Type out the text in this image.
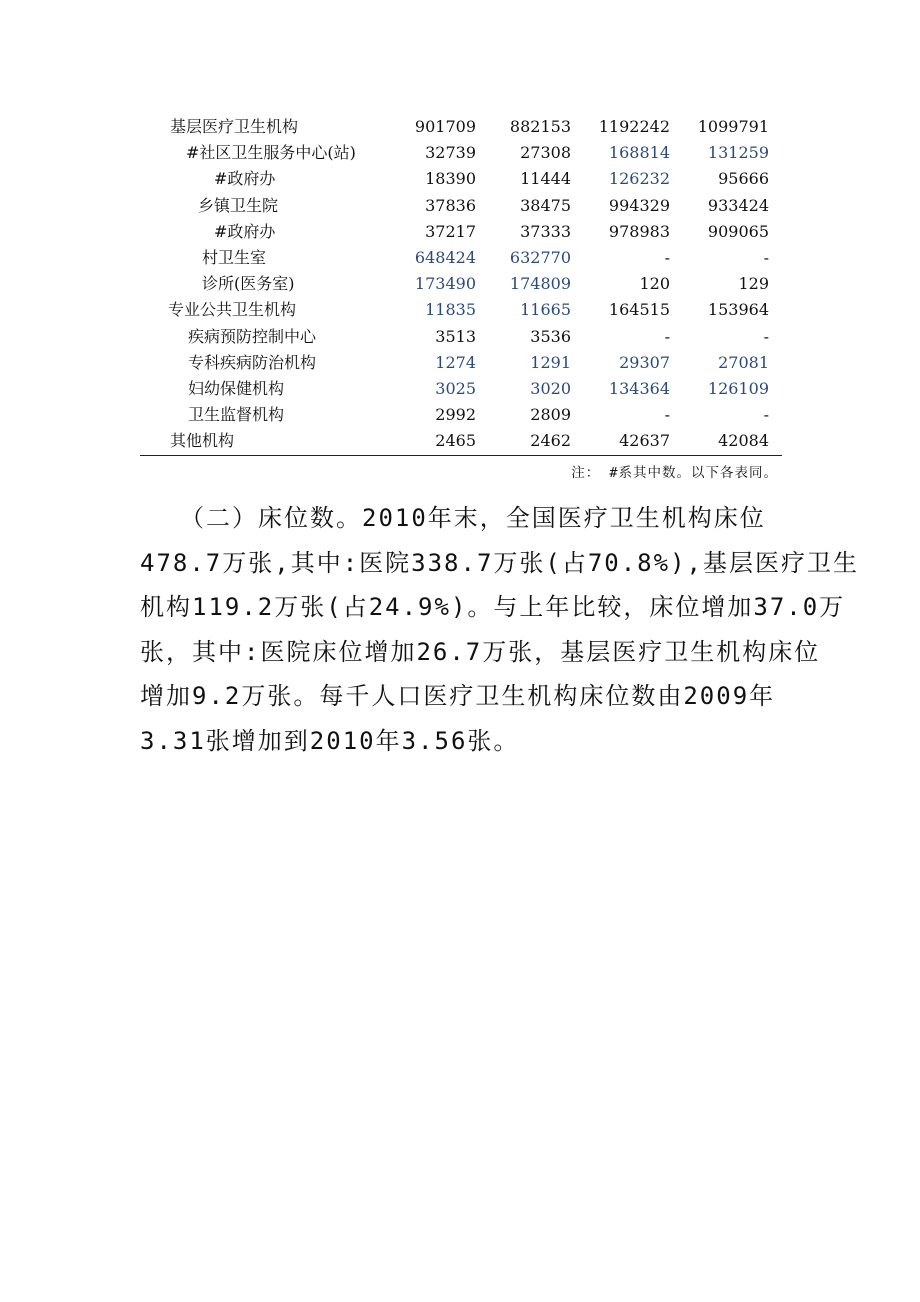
基层医疗卫生机构	901709	882153	1192242	1099791
#社区卫生服务中心(站)	32739	27308	168814	131259
#政府办	18390	11444	126232	95666
乡镇卫生院	37836	38475	994329	933424
#政府办	37217	37333	978983	909065
村卫生室	648424	632770	-	-
诊所(医务室)	173490	174809	120	129
专业公共卫生机构	11835	11665	164515	153964
疾病预防控制中心	3513	3536	-	-
专科疾病防治机构	1274	1291	29307	27081
妇幼保健机构	3025	3020	134364	126109
卫生监督机构	2992	2809	-	-
其他机构	2465	2462	42637	42084
注： #系其中数。以下各表同。

　　（二）床位数。2010年末，全国医疗卫生机构床位

478.7万张,其中:医院338.7万张(占70.8%),基层医疗卫生

机构119.2万张(占24.9%)。与上年比较，床位增加37.0万

张，其中:医院床位增加26.7万张，基层医疗卫生机构床位

增加9.2万张。每千人口医疗卫生机构床位数由2009年

3.31张增加到2010年3.56张。
